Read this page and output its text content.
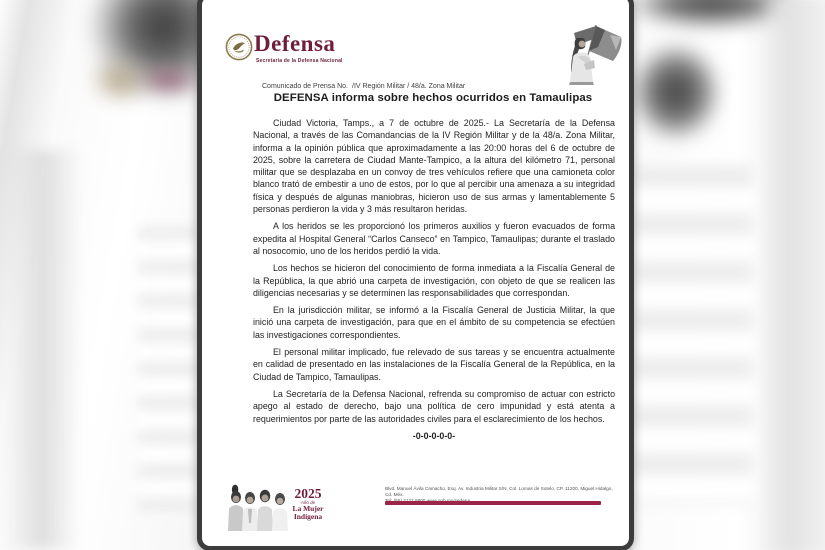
Defensa
Secretaría de la Defensa Nacional
Comunicado de Prensa No. /IV Región Militar / 48/a. Zona Militar
DEFENSA informa sobre hechos ocurridos en Tamaulipas

Ciudad Victoria, Tamps., a 7 de octubre de 2025.- La Secretaría de la Defensa Nacional, a través de las Comandancias de la IV Región Militar y de la 48/a. Zona Militar, informa a la opinión pública que aproximadamente a las 20:00 horas del 6 de octubre de 2025, sobre la carretera de Ciudad Mante-Tampico, a la altura del kilómetro 71, personal militar que se desplazaba en un convoy de tres vehículos refiere que una camioneta color blanco trató de embestir a uno de estos, por lo que al percibir una amenaza a su integridad física y después de algunas maniobras, hicieron uso de sus armas y lamentablemente 5 personas perdieron la vida y 3 más resultaron heridas.

A los heridos se les proporcionó los primeros auxilios y fueron evacuados de forma expedita al Hospital General “Carlos Canseco” en Tampico, Tamaulipas; durante el traslado al nosocomio, uno de los heridos perdió la vida.

Los hechos se hicieron del conocimiento de forma inmediata a la Fiscalía General de la República, la que abrió una carpeta de investigación, con objeto de que se realicen las diligencias necesarias y se determinen las responsabilidades que correspondan.

En la jurisdicción militar, se informó a la Fiscalía General de Justicia Militar, la que inició una carpeta de investigación, para que en el ámbito de su competencia se efectúen las investigaciones correspondientes.

El personal militar implicado, fue relevado de sus tareas y se encuentra actualmente en calidad de presentado en las instalaciones de la Fiscalía General de la República, en la Ciudad de Tampico, Tamaulipas.

La Secretaría de la Defensa Nacional, refrenda su compromiso de actuar con estricto apego al estado de derecho, bajo una política de cero impunidad y está atenta a requerimientos por parte de las autoridades civiles para el esclarecimiento de los hechos.

-0-0-0-0-0-

2025
Año de
La Mujer
Indígena
Blvd. Manuel Ávila Camacho, Esq. Av. Industria Militar S/N, Col. Lomas de Sotelo, CP. 11200, Miguel Hidalgo, Cd. Méx.
